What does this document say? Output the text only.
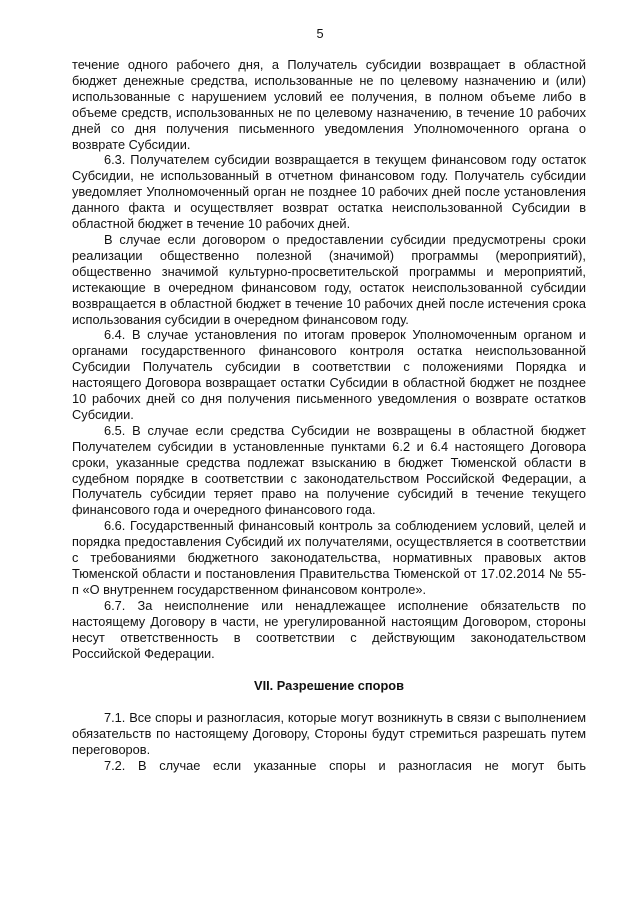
5

течение одного рабочего дня, а Получатель субсидии возвращает в областной бюджет денежные средства, использованные не по целевому назначению и (или) использованные с нарушением условий ее получения, в полном объеме либо в объеме средств, использованных не по целевому назначению, в течение 10 рабочих дней со дня получения письменного уведомления Уполномоченного органа о возврате Субсидии.

6.3. Получателем субсидии возвращается в текущем финансовом году остаток Субсидии, не использованный в отчетном финансовом году. Получатель субсидии уведомляет Уполномоченный орган не позднее 10 рабочих дней после установления данного факта и осуществляет возврат остатка неиспользованной Субсидии в областной бюджет в течение 10 рабочих дней.

В случае если договором о предоставлении субсидии предусмотрены сроки реализации общественно полезной (значимой) программы (мероприятий), общественно значимой культурно-просветительской программы и мероприятий, истекающие в очередном финансовом году, остаток неиспользованной субсидии возвращается в областной бюджет в течение 10 рабочих дней после истечения срока использования субсидии в очередном финансовом году.

6.4. В случае установления по итогам проверок Уполномоченным органом и органами государственного финансового контроля остатка неиспользованной Субсидии Получатель субсидии в соответствии с положениями Порядка и настоящего Договора возвращает остатки Субсидии в областной бюджет не позднее 10 рабочих дней со дня получения письменного уведомления о возврате остатков Субсидии.

6.5. В случае если средства Субсидии не возвращены в областной бюджет Получателем субсидии в установленные пунктами 6.2 и 6.4 настоящего Договора сроки, указанные средства подлежат взысканию в бюджет Тюменской области в судебном порядке в соответствии с законодательством Российской Федерации, а Получатель субсидии теряет право на получение субсидий в течение текущего финансового года и очередного финансового года.

6.6. Государственный финансовый контроль за соблюдением условий, целей и порядка предоставления Субсидий их получателями, осуществляется в соответствии с требованиями бюджетного законодательства, нормативных правовых актов Тюменской области и постановления Правительства Тюменской от 17.02.2014 № 55-п «О внутреннем государственном финансовом контроле».

6.7. За неисполнение или ненадлежащее исполнение обязательств по настоящему Договору в части, не урегулированной настоящим Договором, стороны несут ответственность в соответствии с действующим законодательством Российской Федерации.

VII. Разрешение споров

7.1. Все споры и разногласия, которые могут возникнуть в связи с выполнением обязательств по настоящему Договору, Стороны будут стремиться разрешать путем переговоров.

7.2. В случае если указанные споры и разногласия не могут быть
